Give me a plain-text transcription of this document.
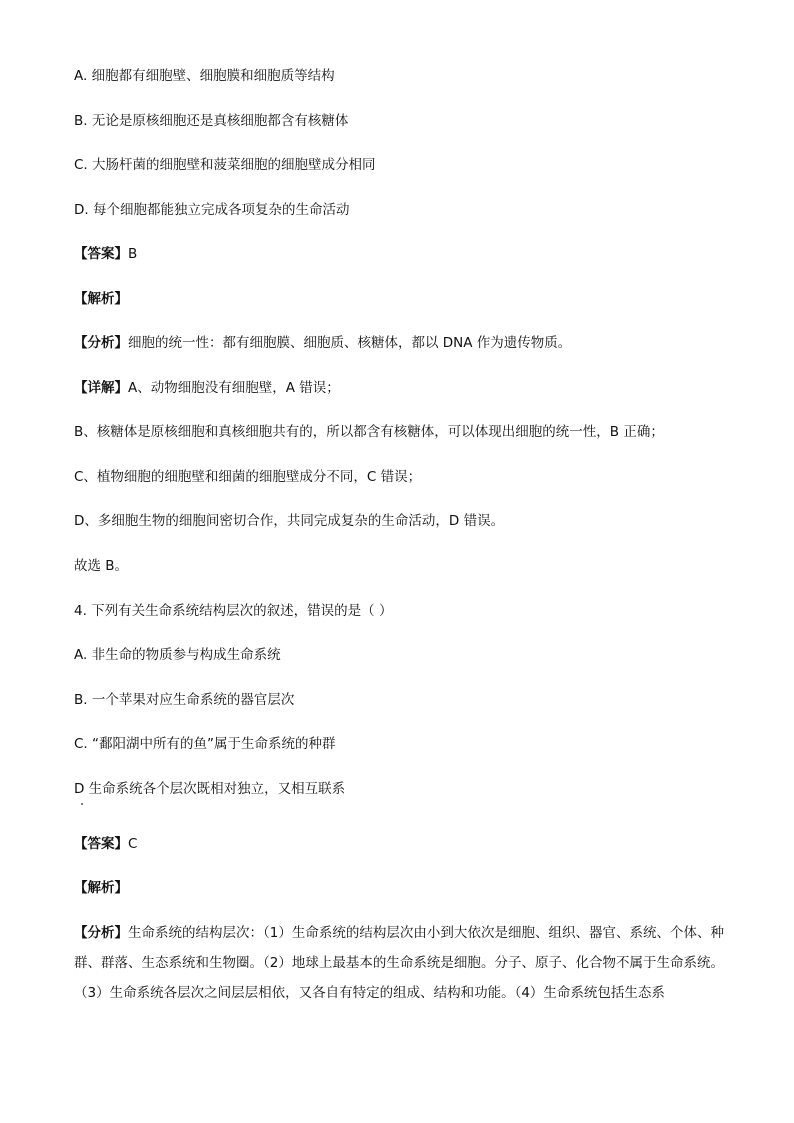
A. 细胞都有细胞壁、细胞膜和细胞质等结构
B. 无论是原核细胞还是真核细胞都含有核糖体
C. 大肠杆菌的细胞壁和菠菜细胞的细胞壁成分相同
D. 每个细胞都能独立完成各项复杂的生命活动
【答案】B
【解析】
【分析】细胞的统一性：都有细胞膜、细胞质、核糖体，都以 DNA 作为遗传物质。
【详解】A、动物细胞没有细胞壁，A 错误；
B、核糖体是原核细胞和真核细胞共有的，所以都含有核糖体，可以体现出细胞的统一性，B 正确；
C、植物细胞的细胞壁和细菌的细胞壁成分不同，C 错误；
D、多细胞生物的细胞间密切合作，共同完成复杂的生命活动，D 错误。
故选 B。
4. 下列有关生命系统结构层次的叙述，错误的是（ ）
A. 非生命的物质参与构成生命系统
B. 一个苹果对应生命系统的器官层次
C. “鄱阳湖中所有的鱼”属于生命系统的种群
D 生命系统各个层次既相对独立，又相互联系
【答案】C
【解析】
【分析】生命系统的结构层次：（1）生命系统的结构层次由小到大依次是细胞、组织、器官、系统、个体、种群、群落、生态系统和生物圈。（2）地球上最基本的生命系统是细胞。分子、原子、化合物不属于生命系统。（3）生命系统各层次之间层层相依，又各自有特定的组成、结构和功能。（4）生命系统包括生态系
